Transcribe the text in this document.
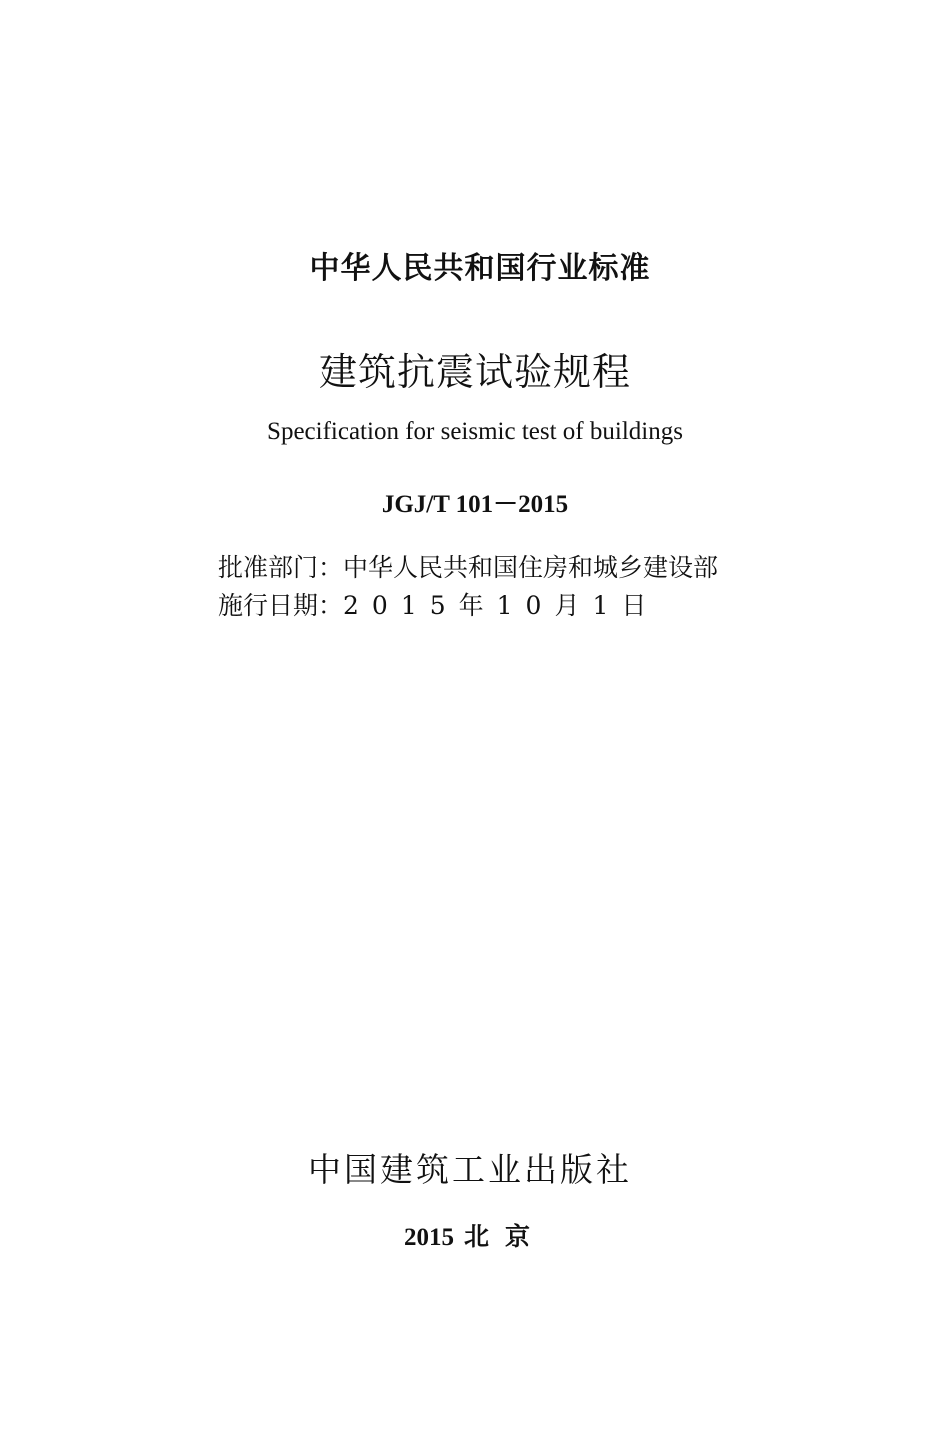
中华人民共和国行业标准
建筑抗震试验规程
Specification for seismic test of buildings
JGJ/T 101－2015
批准部门：中华人民共和国住房和城乡建设部
施行日期：2015年10月1日
中国建筑工业出版社
2015 北京
